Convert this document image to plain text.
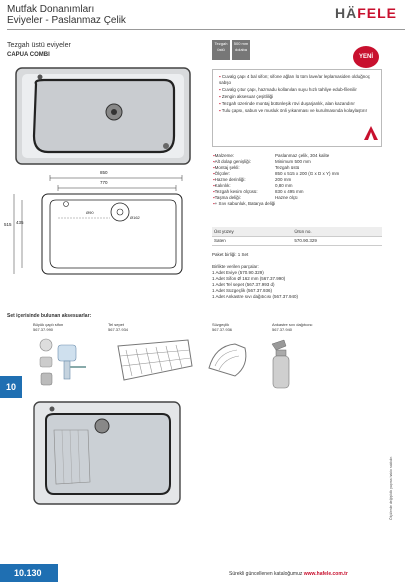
Mutfak Donanımları
Eviyeler - Paslanmaz Çelik	HÄFELE
Tezgah üstü eviyeler
CAPUA COMBI
Tezgah üstü
500 mm dolaba
YENİ
▪ Cuvalg çapı 4 bal sifon; sifone ağları lü tüm lave/ar leplamasiden olduğnoç sabşo
▪ Cuvalg çıtur çapı, hazmadu kollanılan suyu hızlı tahliye edub-filenilir
▪ Zengin aksesuar çeşitliliği
▪ Tezgah üzerinde montaj bütünleşik rövi duşarjanlık, alan kazandırır
▪ Tulu çapsı, sabun ve musluk önli yıkanması ve kurulmasında kolaylaştırır
850
770
515 435
Ø90
Ø162
▪ Malzeme:	Paslanmaz çelik, 304 kalite
▪ Alt dolap genişliği:	Minimum 500 mm
▪ Montaj şekli:	Tezgah üstü
▪ Ölçüler:	850 x 515 x 200 (G x D x Y) mm
▪ Hazne derinliği:	200 mm
▪ Kalınlık:	0,80 mm
▪ Tezgah kesim ölçüsü:	830 x 495 mm
▪ Taşma deliği:	Hazne ölçü
▪ + Sıvı sabunluk, Batarya deliği
Üst yüzey	Ürün no.
Saten	570.90.329
Paket birliği: 1 Set
Birlikte verilen parçalar:
1 Adet Eviye (570.90.329)
1 Adet Sifon Ø 162 mm (567.37.990)
1 Adet Tel sepet (567.37.993 d)
1 Adet Süzgeçlik (567.37.936)
1 Adet Ankastre sıvı dağıtıcısı (567.37.940)
Set içerisinde bulunan aksesuarlar:
Büyük çaplı sifon
567.37.990
Tel sepet
567.37.934
Süzgeçlik
567.37.936
Ankastre sıvı dağıtıcısı
567.37.940
10
Ölçülerde değişiklik yapma hakkı saklıdır.
10.130	Sürekli güncellenen kataloğumuz www.hafele.com.tr
